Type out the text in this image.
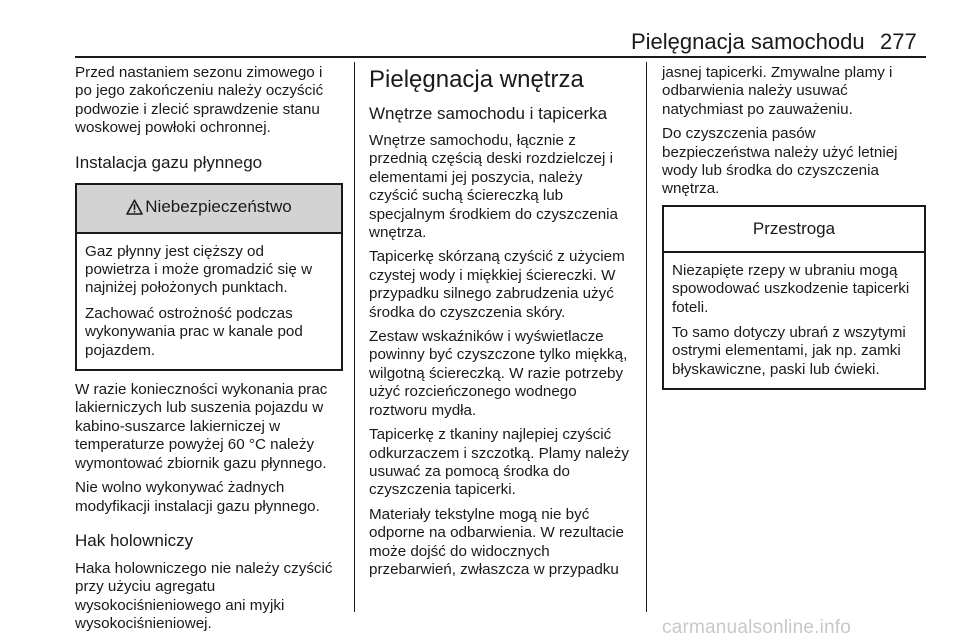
Pielęgnacja samochodu 277

Przed nastaniem sezonu zimowego i po jego zakończeniu należy oczyścić podwozie i zlecić sprawdzenie stanu woskowej powłoki ochronnej.

Instalacja gazu płynnego
Niebezpieczeństwo

Gaz płynny jest cięższy od powietrza i może gromadzić się w najniżej położonych punktach.

Zachować ostrożność podczas wykonywania prac w kanale pod pojazdem.

W razie konieczności wykonania prac lakierniczych lub suszenia pojazdu w kabino-suszarce lakierniczej w temperaturze powyżej 60 °C należy wymontować zbiornik gazu płynnego.

Nie wolno wykonywać żadnych modyfikacji instalacji gazu płynnego.

Hak holowniczy

Haka holowniczego nie należy czyścić przy użyciu agregatu wysokociśnieniowego ani myjki wysokociśnieniowej.

Pielęgnacja wnętrza
Wnętrze samochodu i tapicerka

Wnętrze samochodu, łącznie z przednią częścią deski rozdzielczej i elementami jej poszycia, należy czyścić suchą ściereczką lub specjalnym środkiem do czyszczenia wnętrza.

Tapicerkę skórzaną czyścić z użyciem czystej wody i miękkiej ściereczki. W przypadku silnego zabrudzenia użyć środka do czyszczenia skóry.

Zestaw wskaźników i wyświetlacze powinny być czyszczone tylko miękką, wilgotną ściereczką. W razie potrzeby użyć rozcieńczonego wodnego roztworu mydła.

Tapicerkę z tkaniny najlepiej czyścić odkurzaczem i szczotką. Plamy należy usuwać za pomocą środka do czyszczenia tapicerki.

Materiały tekstylne mogą nie być odporne na odbarwienia. W rezultacie może dojść do widocznych przebarwień, zwłaszcza w przypadku

jasnej tapicerki. Zmywalne plamy i odbarwienia należy usuwać natychmiast po zauważeniu.

Do czyszczenia pasów bezpieczeństwa należy użyć letniej wody lub środka do czyszczenia wnętrza.

Przestroga

Niezapięte rzepy w ubraniu mogą spowodować uszkodzenie tapicerki foteli.

To samo dotyczy ubrań z wszytymi ostrymi elementami, jak np. zamki błyskawiczne, paski lub ćwieki.

carmanualsonline.info
